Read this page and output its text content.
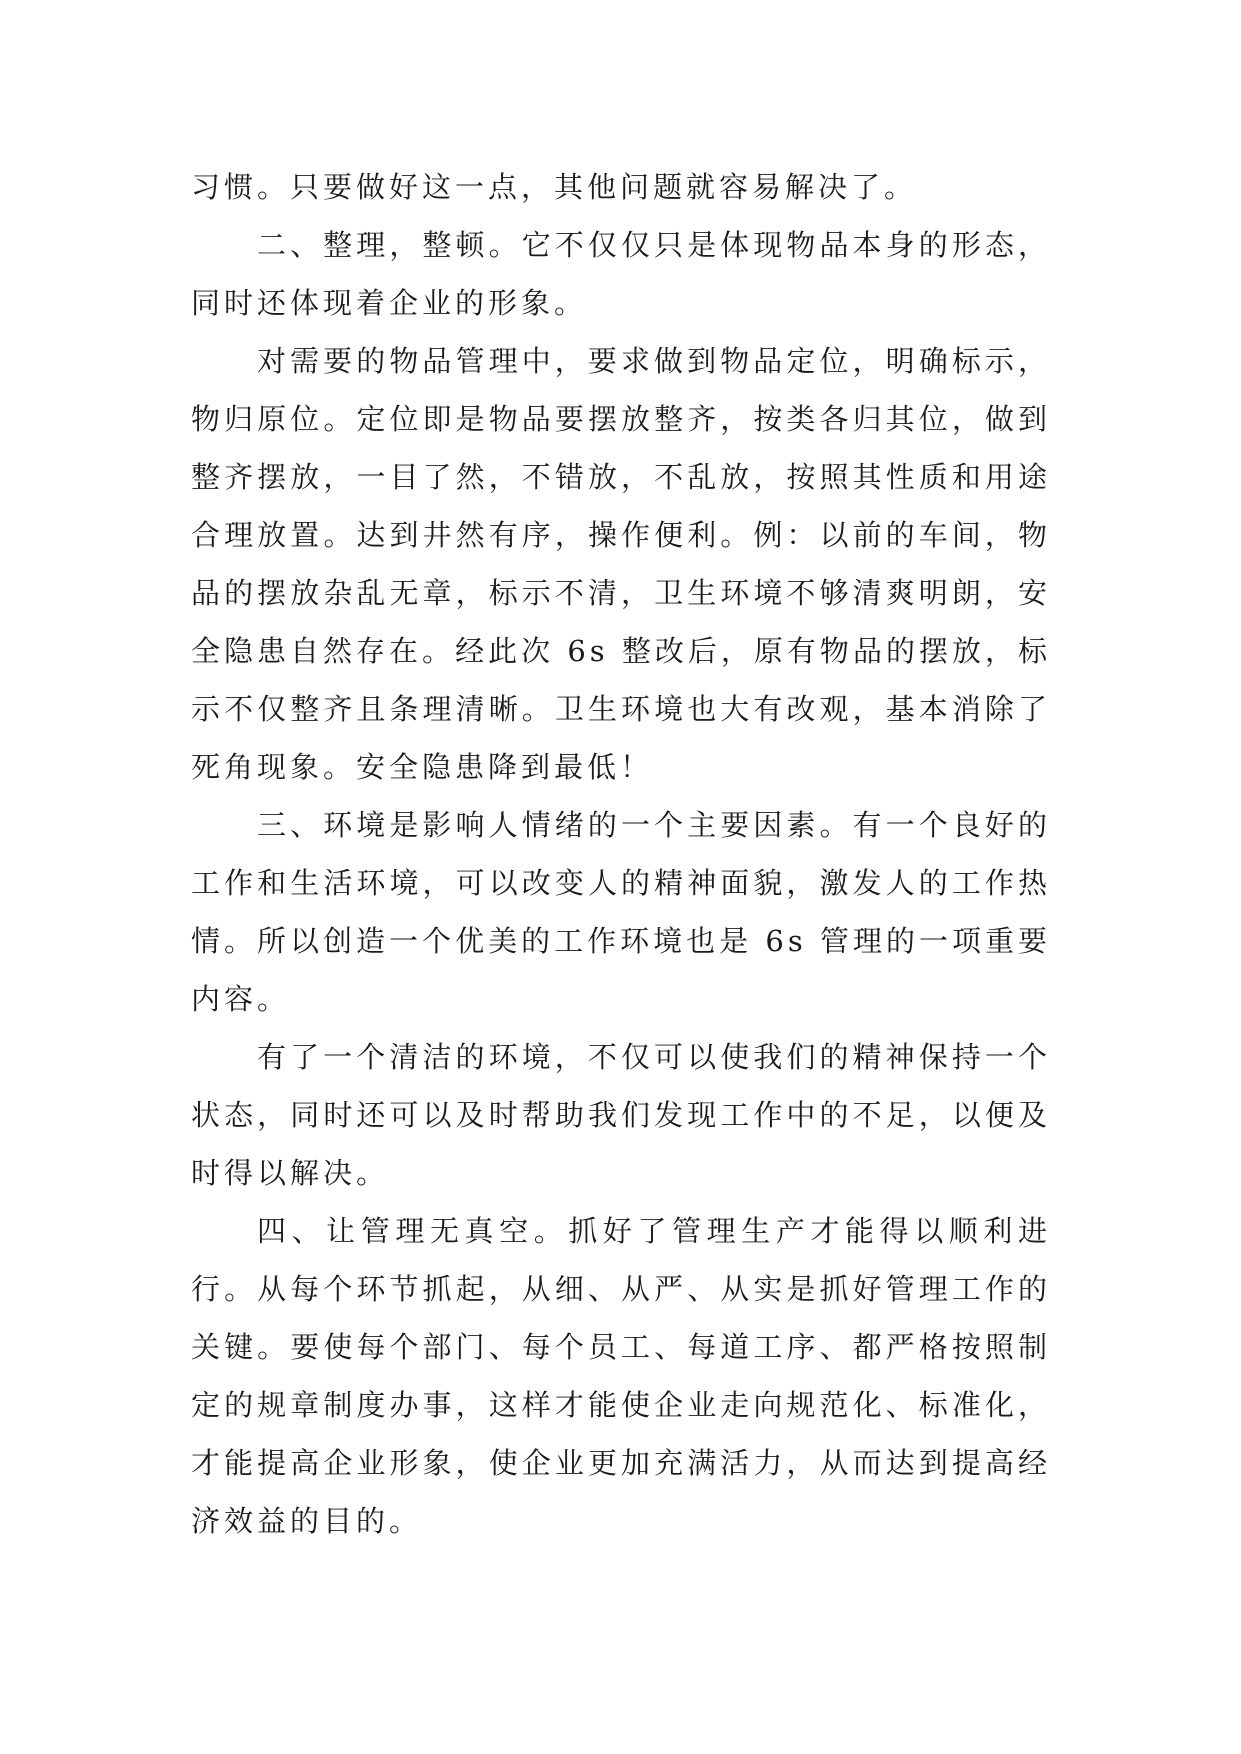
习惯。只要做好这一点，其他问题就容易解决了。

二、整理，整顿。它不仅仅只是体现物品本身的形态，同时还体现着企业的形象。

对需要的物品管理中，要求做到物品定位，明确标示，物归原位。定位即是物品要摆放整齐，按类各归其位，做到整齐摆放，一目了然，不错放，不乱放，按照其性质和用途合理放置。达到井然有序，操作便利。例：以前的车间，物品的摆放杂乱无章，标示不清，卫生环境不够清爽明朗，安全隐患自然存在。经此次 6s 整改后，原有物品的摆放，标示不仅整齐且条理清晰。卫生环境也大有改观，基本消除了死角现象。安全隐患降到最低！

三、环境是影响人情绪的一个主要因素。有一个良好的工作和生活环境，可以改变人的精神面貌，激发人的工作热情。所以创造一个优美的工作环境也是 6s 管理的一项重要内容。

有了一个清洁的环境，不仅可以使我们的精神保持一个状态，同时还可以及时帮助我们发现工作中的不足，以便及时得以解决。

四、让管理无真空。抓好了管理生产才能得以顺利进行。从每个环节抓起，从细、从严、从实是抓好管理工作的关键。要使每个部门、每个员工、每道工序、都严格按照制定的规章制度办事，这样才能使企业走向规范化、标准化，才能提高企业形象，使企业更加充满活力，从而达到提高经济效益的目的。
